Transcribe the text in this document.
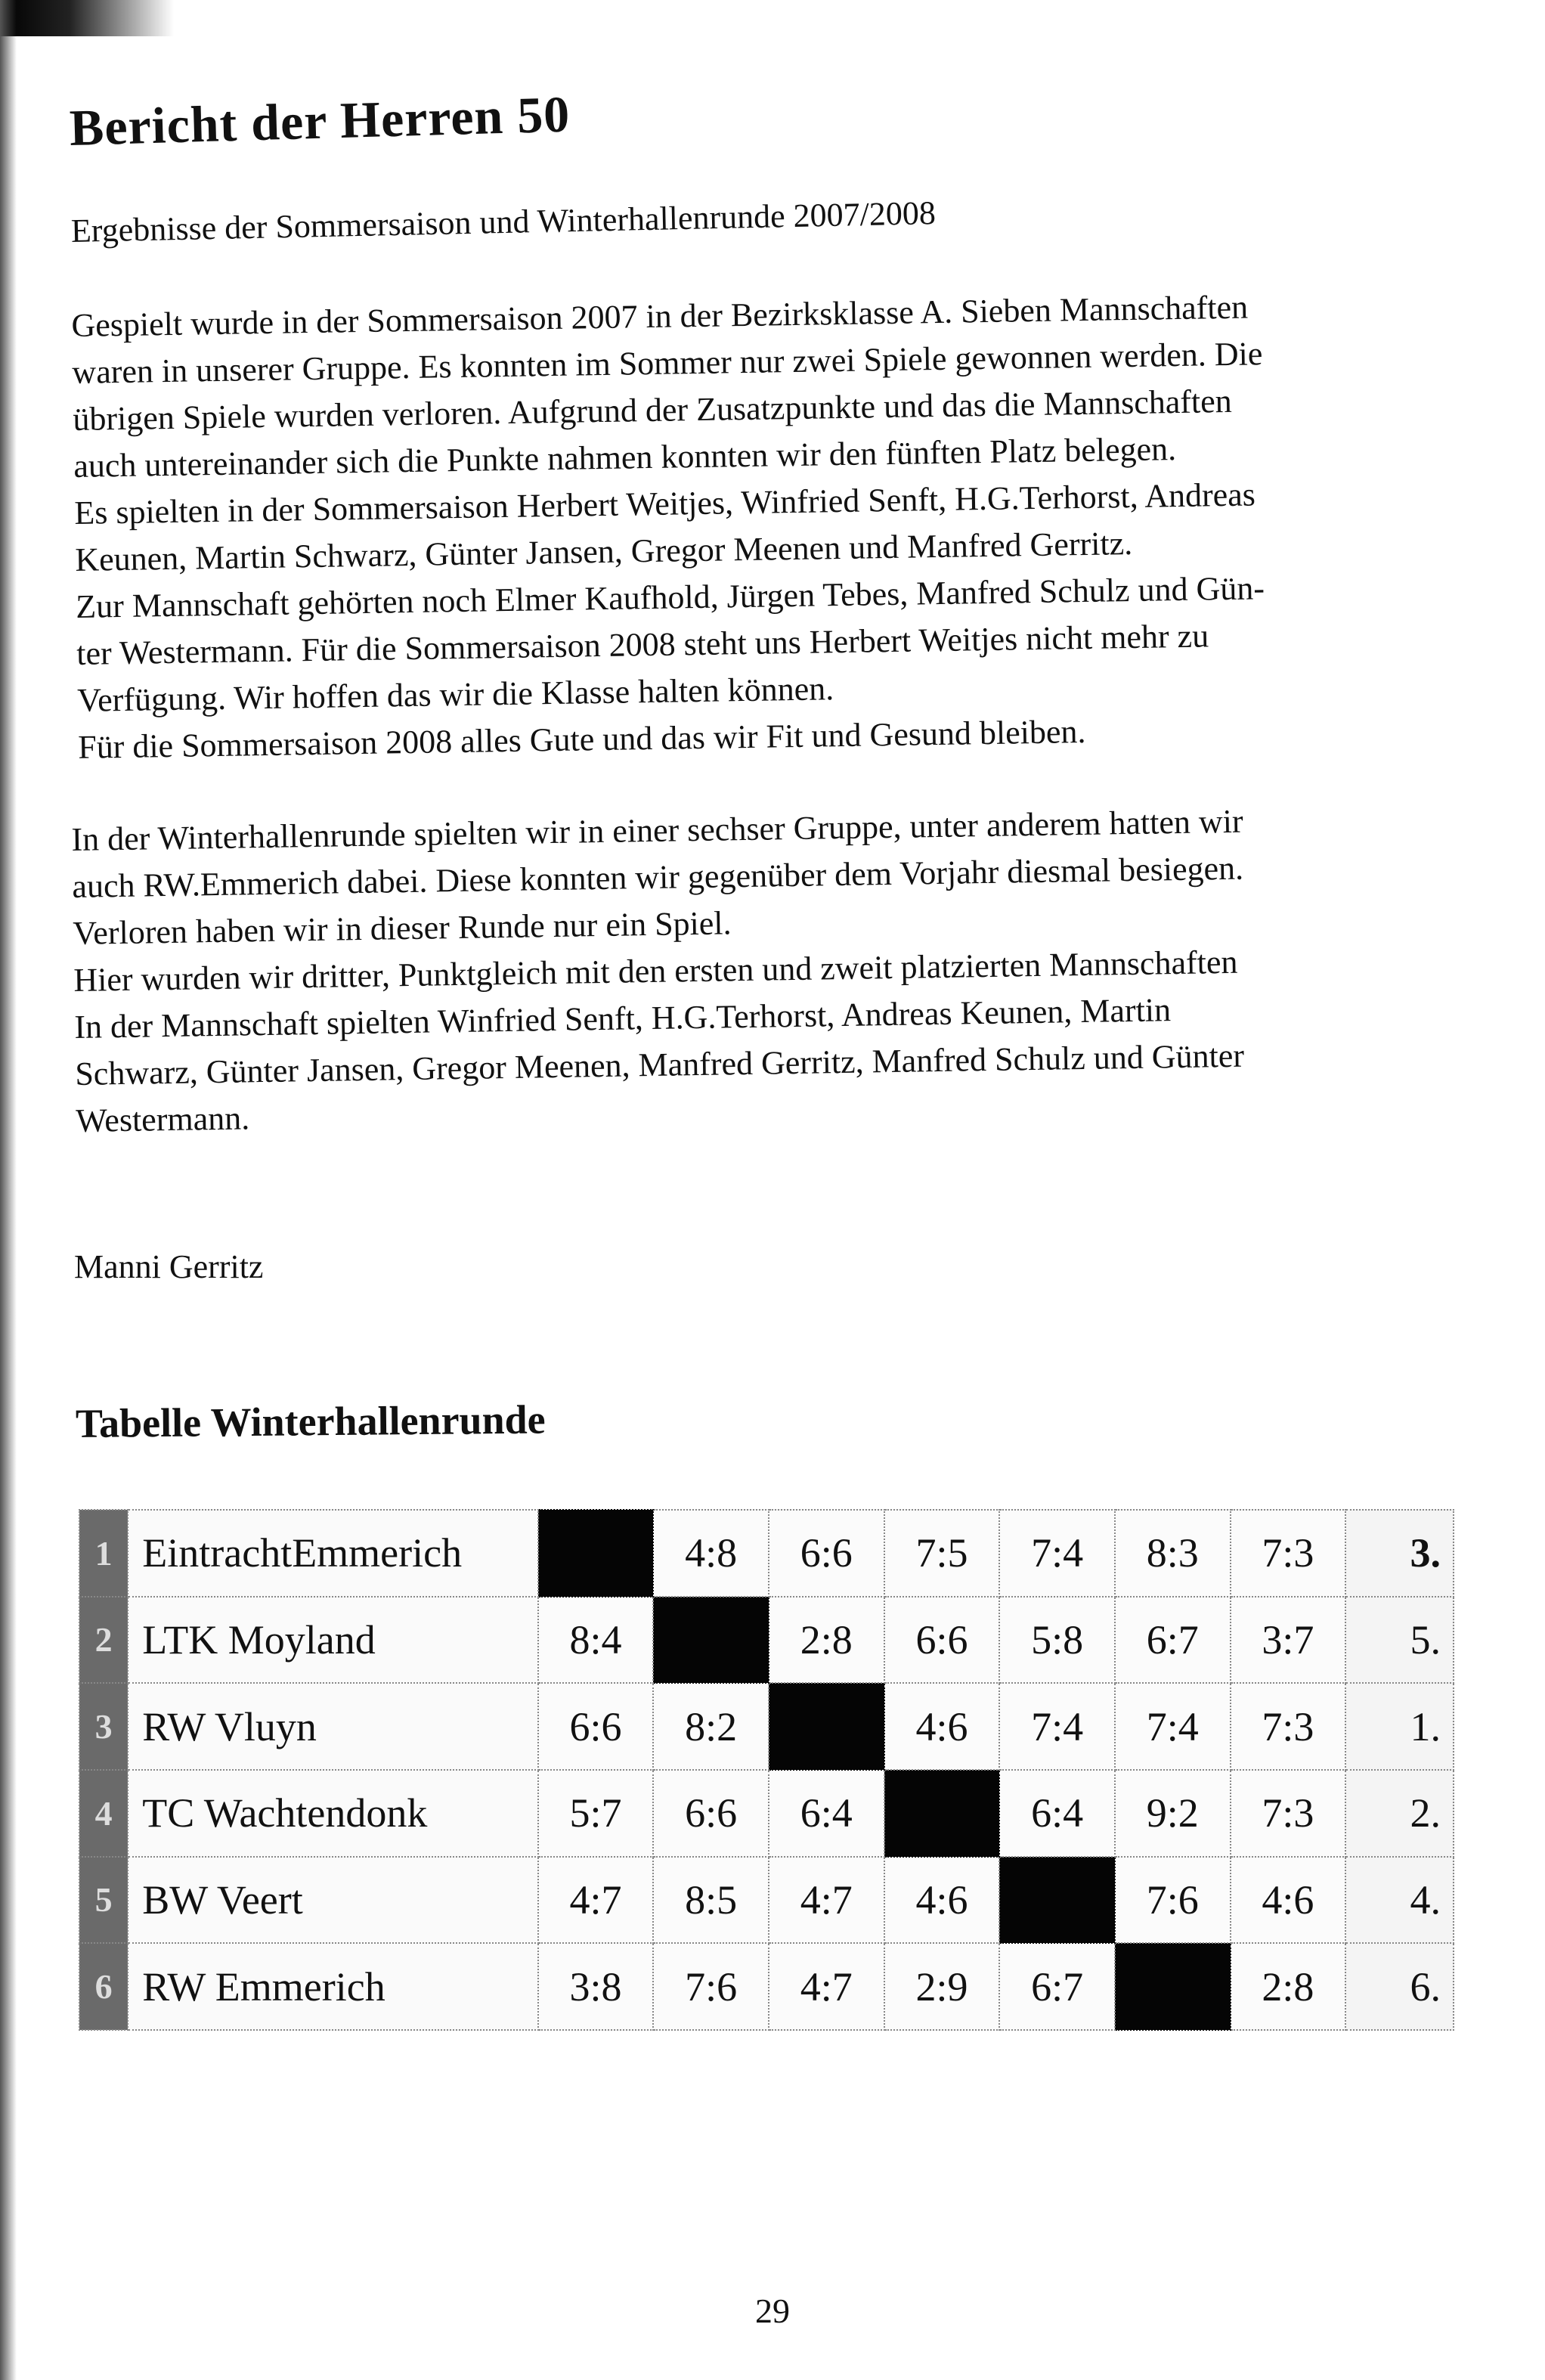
Bericht der Herren 50

Ergebnisse der Sommersaison und Winterhallenrunde 2007/2008

Gespielt wurde in der Sommersaison 2007 in der Bezirksklasse A. Sieben Mannschaften
waren in unserer Gruppe. Es konnten im Sommer nur zwei Spiele gewonnen werden. Die
übrigen Spiele wurden verloren. Aufgrund der Zusatzpunkte und das die Mannschaften
auch untereinander sich die Punkte nahmen konnten wir den fünften Platz belegen.
Es spielten in der Sommersaison Herbert Weitjes, Winfried Senft, H.G.Terhorst, Andreas
Keunen, Martin Schwarz, Günter Jansen, Gregor Meenen und Manfred Gerritz.
Zur Mannschaft gehörten noch Elmer Kaufhold, Jürgen Tebes, Manfred Schulz und Gün-
ter Westermann. Für die Sommersaison 2008 steht uns Herbert Weitjes nicht mehr zu
Verfügung. Wir hoffen das wir die Klasse halten können.
Für die Sommersaison 2008 alles Gute und das wir Fit und Gesund bleiben.

In der Winterhallenrunde spielten wir in einer sechser Gruppe, unter anderem hatten wir
auch RW.Emmerich dabei. Diese konnten wir gegenüber dem Vorjahr diesmal besiegen.
Verloren haben wir in dieser Runde nur ein Spiel.
Hier wurden wir dritter, Punktgleich mit den ersten und zweit platzierten Mannschaften
In der Mannschaft spielten Winfried Senft, H.G.Terhorst, Andreas Keunen, Martin
Schwarz, Günter Jansen, Gregor Meenen, Manfred Gerritz, Manfred Schulz und Günter
Westermann.

Manni Gerritz

Tabelle Winterhallenrunde
1	EintrachtEmmerich		4:8	6:6	7:5	7:4	8:3	7:3	3.
2	LTK Moyland	8:4		2:8	6:6	5:8	6:7	3:7	5.
3	RW Vluyn	6:6	8:2		4:6	7:4	7:4	7:3	1.
4	TC Wachtendonk	5:7	6:6	6:4		6:4	9:2	7:3	2.
5	BW Veert	4:7	8:5	4:7	4:6		7:6	4:6	4.
6	RW Emmerich	3:8	7:6	4:7	2:9	6:7		2:8	6.
29
